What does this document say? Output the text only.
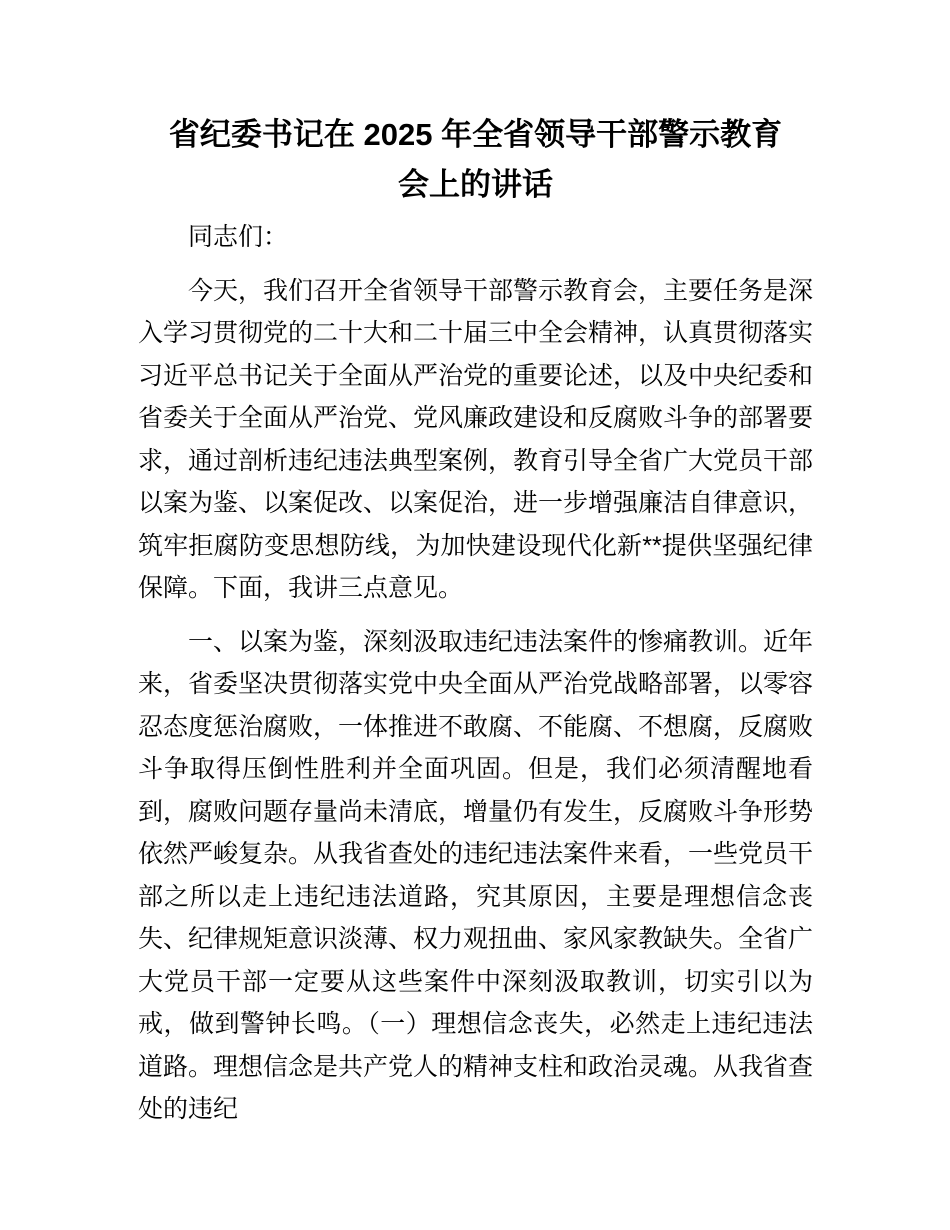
省纪委书记在 2025 年全省领导干部警示教育
会上的讲话

同志们：

今天，我们召开全省领导干部警示教育会，主要任务是深入学习贯彻党的二十大和二十届三中全会精神，认真贯彻落实习近平总书记关于全面从严治党的重要论述，以及中央纪委和省委关于全面从严治党、党风廉政建设和反腐败斗争的部署要求，通过剖析违纪违法典型案例，教育引导全省广大党员干部以案为鉴、以案促改、以案促治，进一步增强廉洁自律意识，筑牢拒腐防变思想防线，为加快建设现代化新**提供坚强纪律保障。下面，我讲三点意见。

一、以案为鉴，深刻汲取违纪违法案件的惨痛教训。近年来，省委坚决贯彻落实党中央全面从严治党战略部署，以零容忍态度惩治腐败，一体推进不敢腐、不能腐、不想腐，反腐败斗争取得压倒性胜利并全面巩固。但是，我们必须清醒地看到，腐败问题存量尚未清底，增量仍有发生，反腐败斗争形势依然严峻复杂。从我省查处的违纪违法案件来看，一些党员干部之所以走上违纪违法道路，究其原因，主要是理想信念丧失、纪律规矩意识淡薄、权力观扭曲、家风家教缺失。全省广大党员干部一定要从这些案件中深刻汲取教训，切实引以为戒，做到警钟长鸣。（一）理想信念丧失，必然走上违纪违法道路。理想信念是共产党人的精神支柱和政治灵魂。从我省查处的违纪
